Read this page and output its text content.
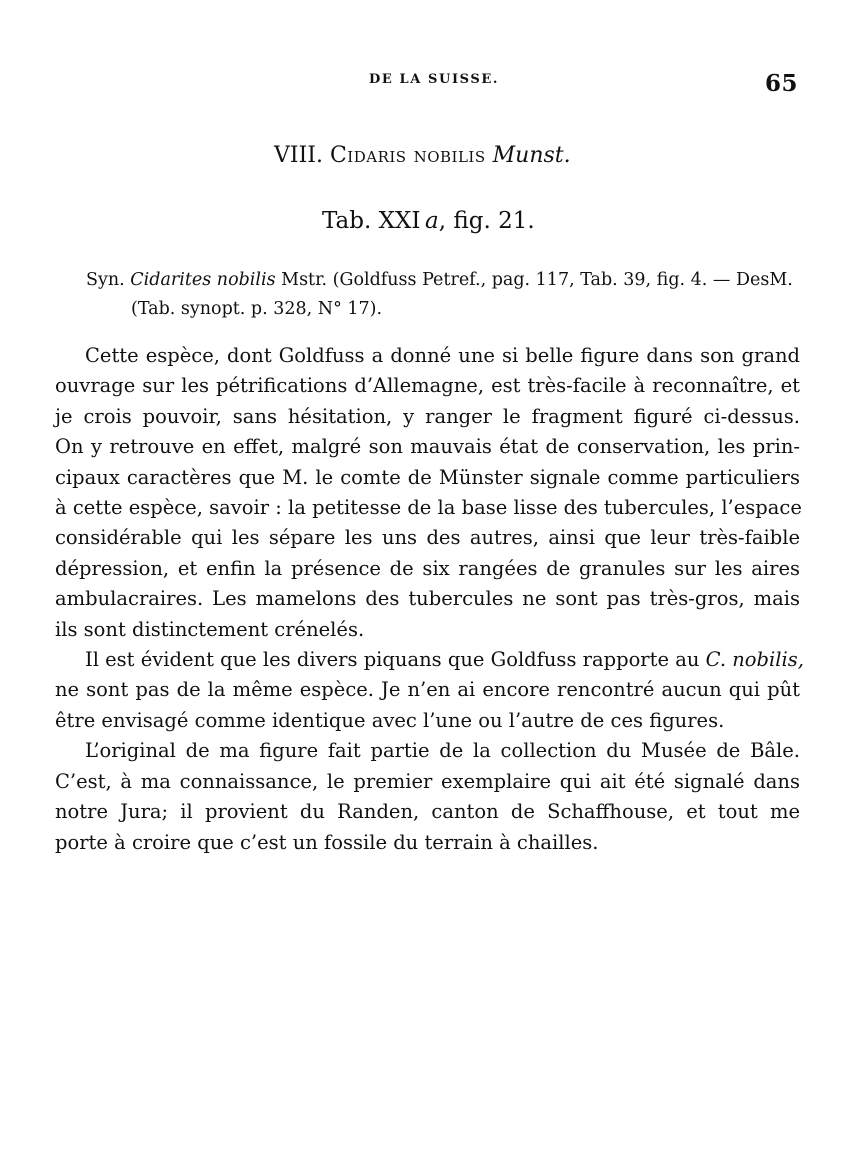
DE LA SUISSE.	65
VIII. Cidaris nobilis Munst.
Tab. XXI  a, fig. 21.
Syn. Cidarites nobilis Mstr. (Goldfuss Petref., pag. 117, Tab. 39, fig. 4. — DesM.
(Tab. synopt. p. 328, N° 17).
Cette espèce, dont Goldfuss a donné une si belle figure dans son grand
ouvrage sur les pétrifications d’Allemagne, est très-facile à reconnaître, et
je crois pouvoir, sans hésitation, y ranger le fragment figuré ci-dessus.
On y retrouve en effet, malgré son mauvais état de conservation, les prin-
cipaux caractères que M. le comte de Münster signale comme particuliers
à cette espèce, savoir : la petitesse de la base lisse des tubercules, l’espace
considérable qui les sépare les uns des autres, ainsi que leur très-faible
dépression, et enfin la présence de six rangées de granules sur les aires
ambulacraires. Les mamelons des tubercules ne sont pas très-gros, mais
ils sont distinctement crénelés.
Il est évident que les divers piquans que Goldfuss rapporte au C. nobilis,
ne sont pas de la même espèce. Je n’en ai encore rencontré aucun qui pût
être envisagé comme identique avec l’une ou l’autre de ces figures.
L’original de ma figure fait partie de la collection du Musée de Bâle.
C’est, à ma connaissance, le premier exemplaire qui ait été signalé dans
notre Jura; il provient du Randen, canton de Schaffhouse, et tout me
porte à croire que c’est un fossile du terrain à chailles.
